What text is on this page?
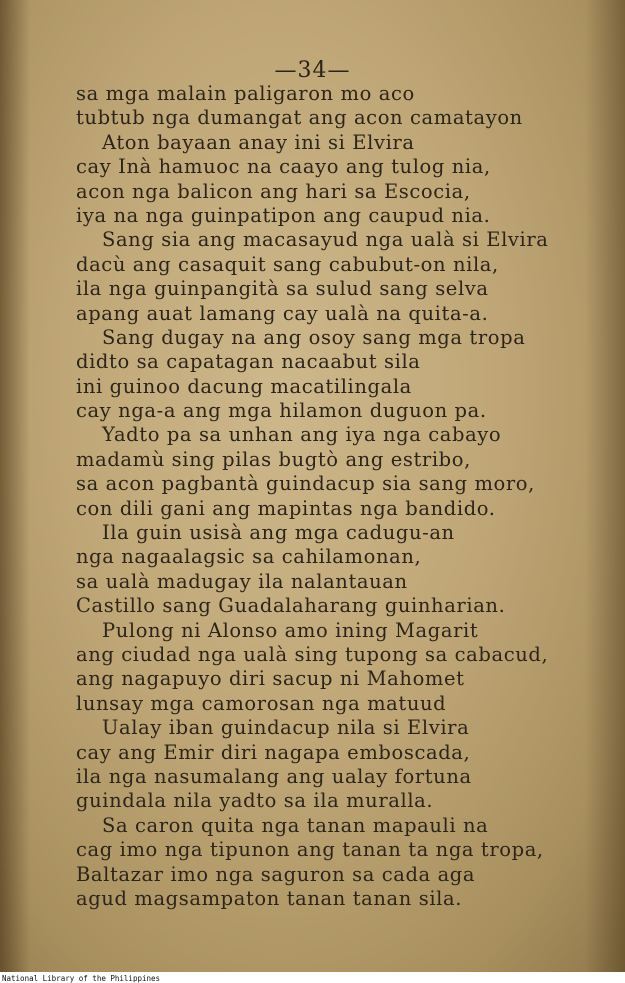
—34—
sa mga malain paligaron mo aco
tubtub nga dumangat ang acon camatayon
Aton bayaan anay ini si Elvira
cay Inà hamuoc na caayo ang tulog nia,
acon nga balicon ang hari sa Escocia,
iya na nga guinpatipon ang caupud nia.
Sang sia ang macasayud nga ualà si Elvira
dacù ang casaquit sang cabubut-on nila,
ila nga guinpangità sa sulud sang selva
apang auat lamang cay ualà na quita-a.
Sang dugay na ang osoy sang mga tropa
didto sa capatagan nacaabut sila
ini guinoo dacung macatilingala
cay nga-a ang mga hilamon duguon pa.
Yadto pa sa unhan ang iya nga cabayo
madamù sing pilas bugtò ang estribo,
sa acon pagbantà guindacup sia sang moro,
con dili gani ang mapintas nga bandido.
Ila guin usisà ang mga cadugu-an
nga nagaalagsic sa cahilamonan,
sa ualà madugay ila nalantauan
Castillo sang Guadalaharang guinharian.
Pulong ni Alonso amo ining Magarit
ang ciudad nga ualà sing tupong sa cabacud,
ang nagapuyo diri sacup ni Mahomet
lunsay mga camorosan nga matuud
Ualay iban guindacup nila si Elvira
cay ang Emir diri nagapa emboscada,
ila nga nasumalang ang ualay fortuna
guindala nila yadto sa ila muralla.
Sa caron quita nga tanan mapauli na
cag imo nga tipunon ang tanan ta nga tropa,
Baltazar imo nga saguron sa cada aga
agud magsampaton tanan tanan sila.
National Library of the Philippines
